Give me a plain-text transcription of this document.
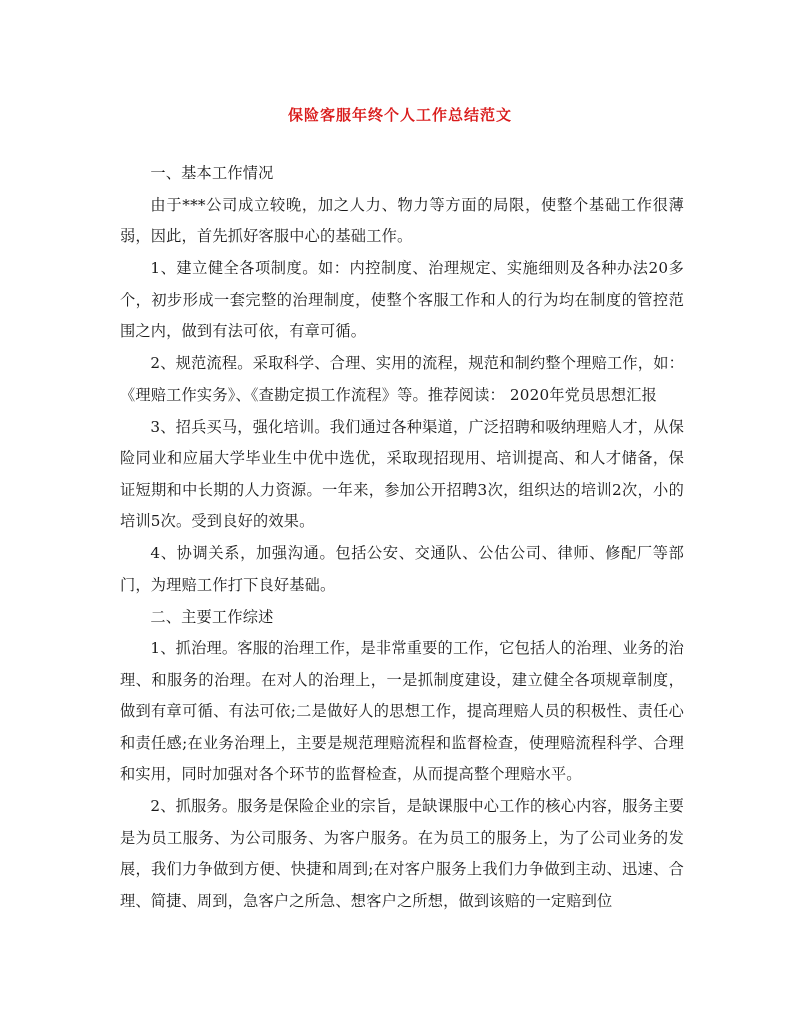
保险客服年终个人工作总结范文

一、基本工作情况

由于***公司成立较晚，加之人力、物力等方面的局限，使整个基础工作很薄弱，因此，首先抓好客服中心的基础工作。

1、建立健全各项制度。如：内控制度、治理规定、实施细则及各种办法20多个，初步形成一套完整的治理制度，使整个客服工作和人的行为均在制度的管控范围之内，做到有法可依，有章可循。

2、规范流程。采取科学、合理、实用的流程，规范和制约整个理赔工作，如：《理赔工作实务》、《查勘定损工作流程》等。推荐阅读： 2020年党员思想汇报

3、招兵买马，强化培训。我们通过各种渠道，广泛招聘和吸纳理赔人才，从保险同业和应届大学毕业生中优中选优，采取现招现用、培训提高、和人才储备，保证短期和中长期的人力资源。一年来，参加公开招聘3次，组织达的培训2次，小的培训5次。受到良好的效果。

4、协调关系，加强沟通。包括公安、交通队、公估公司、律师、修配厂等部门，为理赔工作打下良好基础。

二、主要工作综述

1、抓治理。客服的治理工作，是非常重要的工作，它包括人的治理、业务的治理、和服务的治理。在对人的治理上，一是抓制度建设，建立健全各项规章制度，做到有章可循、有法可依;二是做好人的思想工作，提高理赔人员的积极性、责任心和责任感;在业务治理上，主要是规范理赔流程和监督检查，使理赔流程科学、合理和实用，同时加强对各个环节的监督检查，从而提高整个理赔水平。

2、抓服务。服务是保险企业的宗旨，是缺课服中心工作的核心内容，服务主要是为员工服务、为公司服务、为客户服务。在为员工的服务上，为了公司业务的发展，我们力争做到方便、快捷和周到;在对客户服务上我们力争做到主动、迅速、合理、简捷、周到，急客户之所急、想客户之所想，做到该赔的一定赔到位
